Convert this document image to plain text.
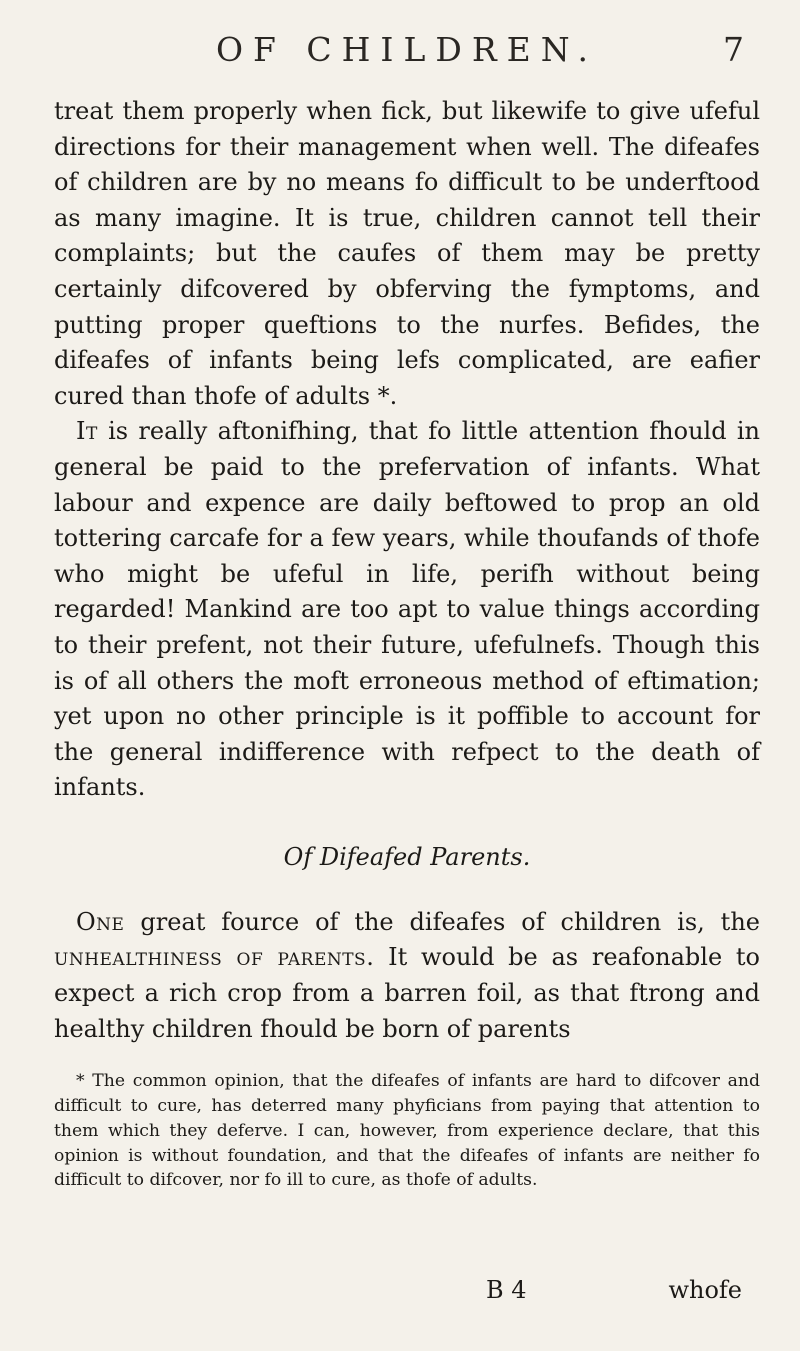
OF CHILDREN.	7

treat them properly when fick, but likewife to give ufeful directions for their management when well. The difeafes of children are by no means fo difficult to be underftood as many imagine. It is true, children cannot tell their complaints; but the caufes of them may be pretty certainly difcovered by obferving the fymptoms, and putting proper queftions to the nurfes. Befides, the difeafes of infants being lefs complicated, are eafier cured than thofe of adults *.

It is really aftonifhing, that fo little attention fhould in general be paid to the prefervation of infants. What labour and expence are daily beftowed to prop an old tottering carcafe for a few years, while thoufands of thofe who might be ufeful in life, perifh without being regarded! Mankind are too apt to value things according to their prefent, not their future, ufefulnefs. Though this is of all others the moft erroneous method of eftimation; yet upon no other principle is it poffible to account for the general indifference with refpect to the death of infants.

Of Difeafed Parents.

One great fource of the difeafes of children is, the unhealthiness of parents. It would be as reafonable to expect a rich crop from a barren foil, as that ftrong and healthy children fhould be born of parents

* The common opinion, that the difeafes of infants are hard to difcover and difficult to cure, has deterred many phyficians from paying that attention to them which they deferve. I can, however, from experience declare, that this opinion is without foundation, and that the difeafes of infants are neither fo difficult to difcover, nor fo ill to cure, as thofe of adults.

B 4	whofe
